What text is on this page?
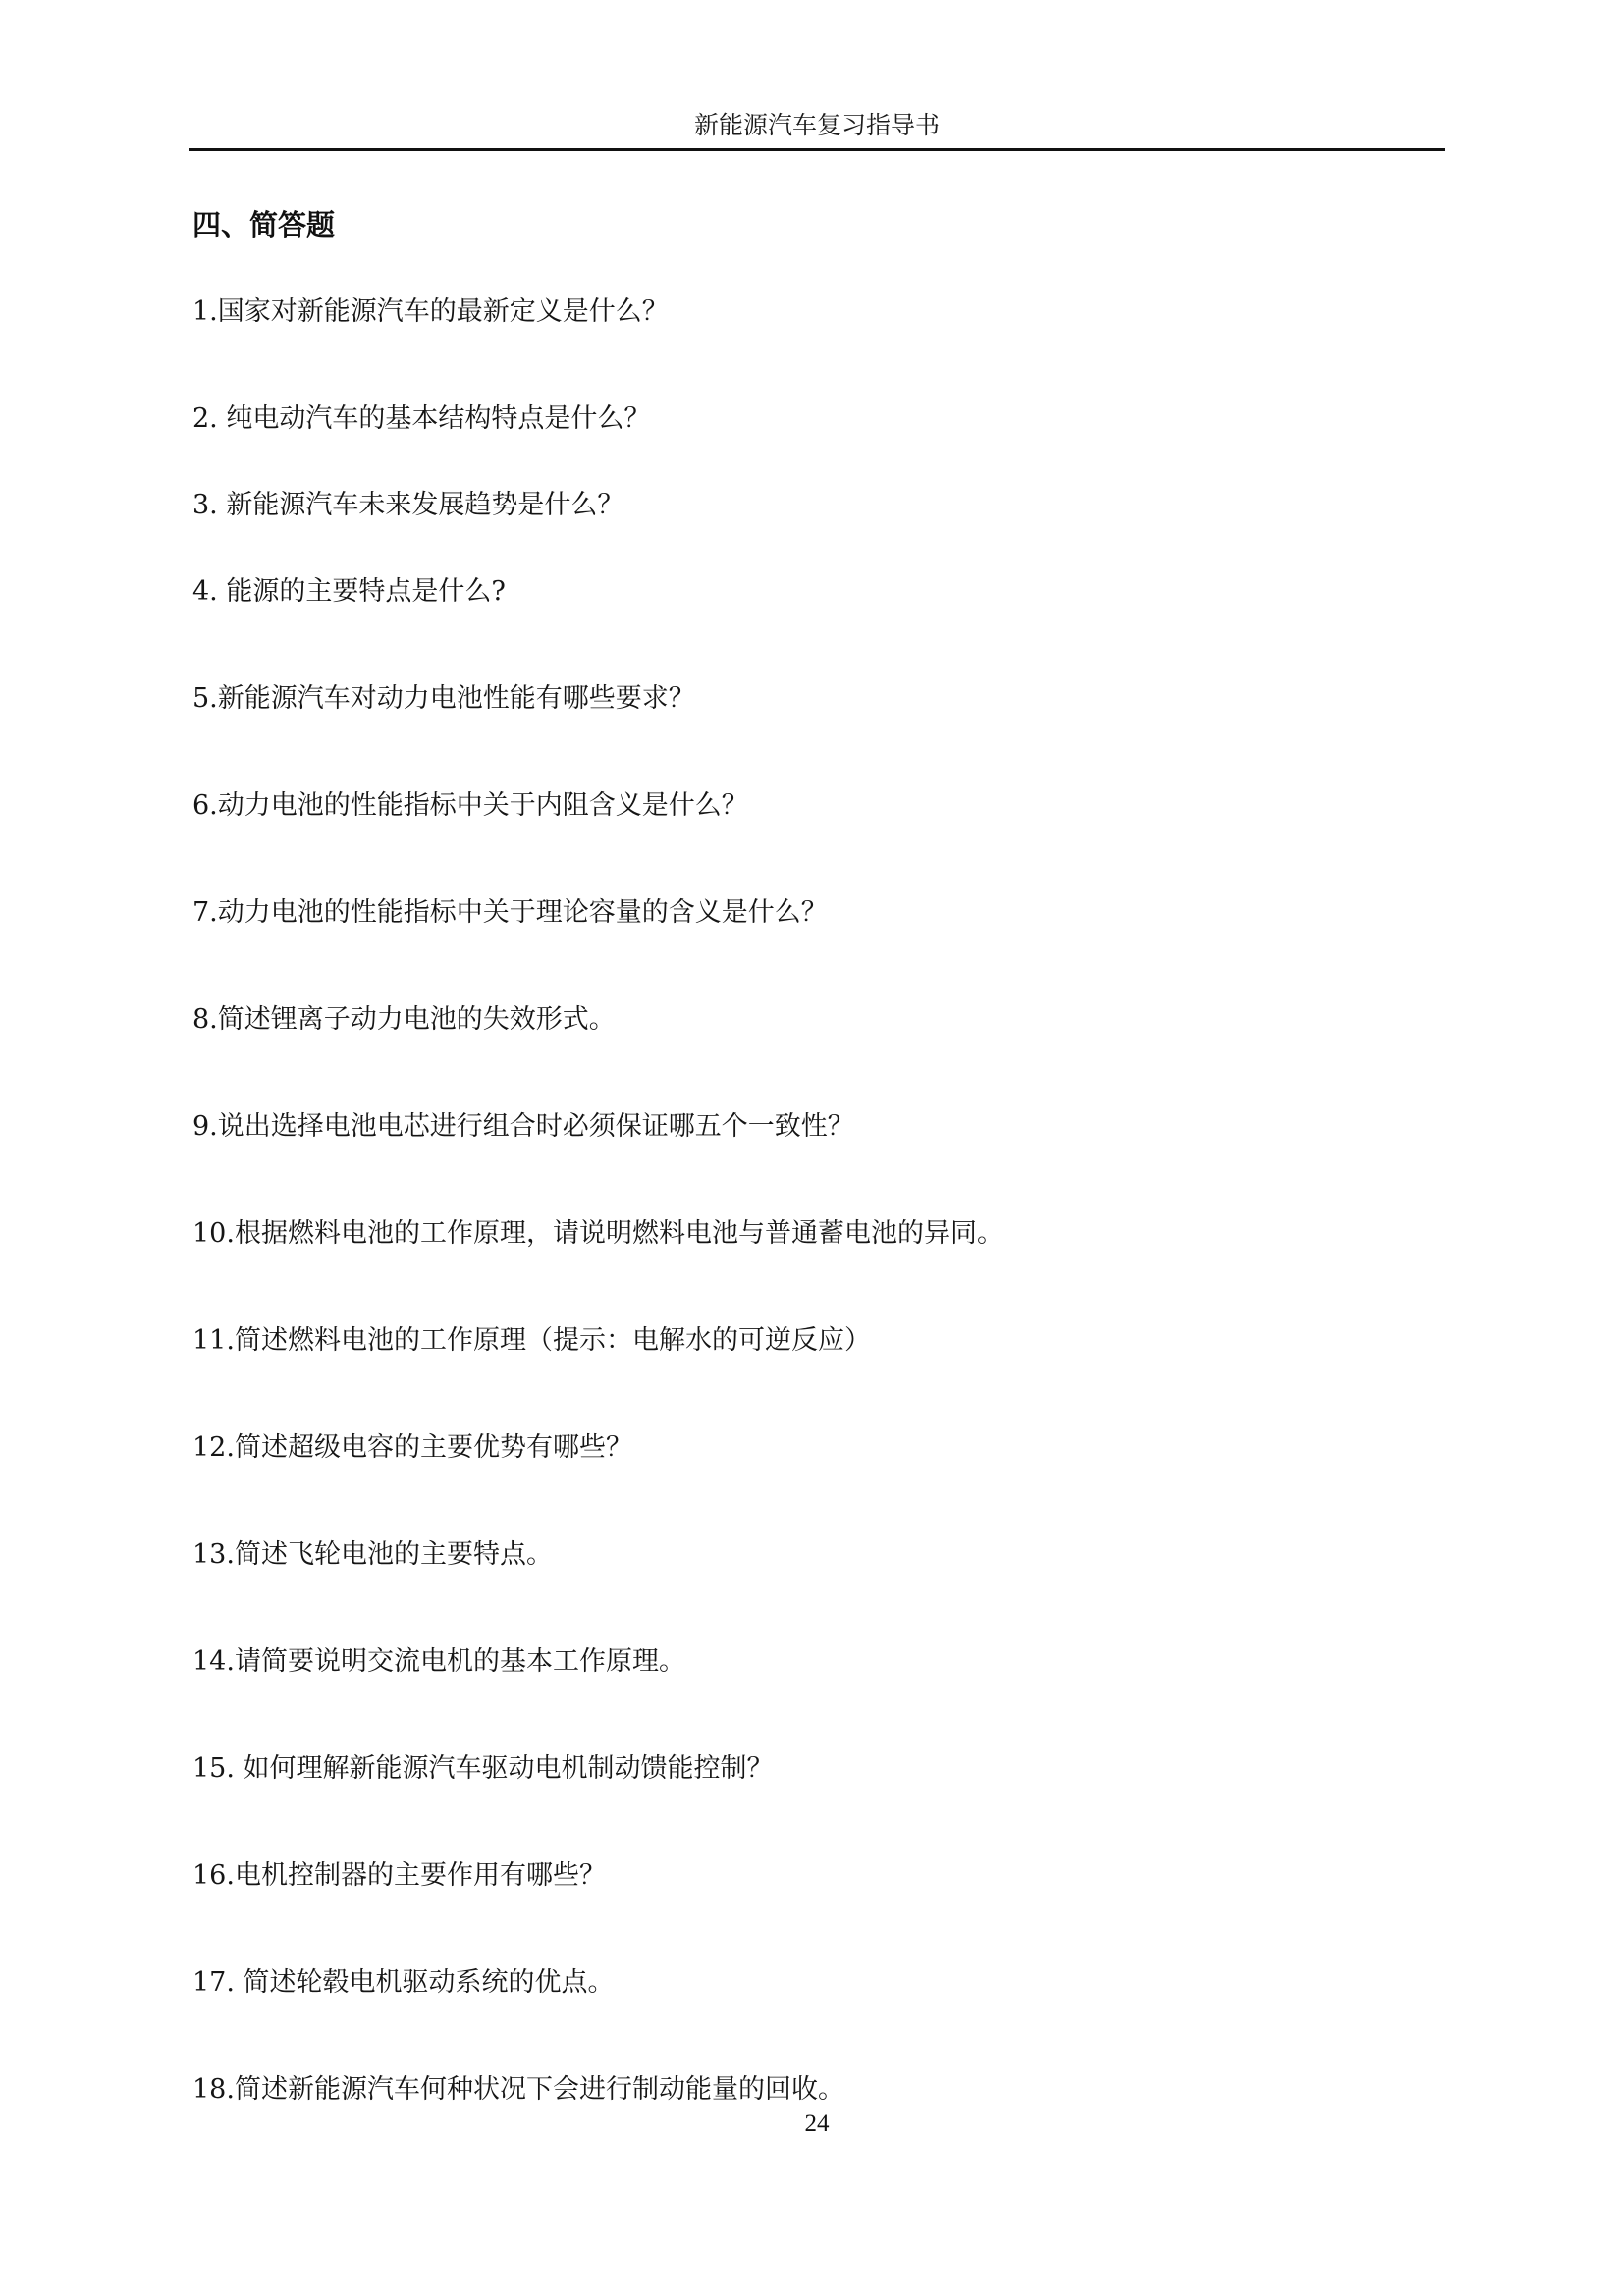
新能源汽车复习指导书
四、简答题
1.国家对新能源汽车的最新定义是什么？
2. 纯电动汽车的基本结构特点是什么？
3. 新能源汽车未来发展趋势是什么？
4. 能源的主要特点是什么?
5.新能源汽车对动力电池性能有哪些要求？
6.动力电池的性能指标中关于内阻含义是什么？
7.动力电池的性能指标中关于理论容量的含义是什么？
8.简述锂离子动力电池的失效形式。
9.说出选择电池电芯进行组合时必须保证哪五个一致性？
10.根据燃料电池的工作原理，请说明燃料电池与普通蓄电池的异同。
11.简述燃料电池的工作原理（提示：电解水的可逆反应）
12.简述超级电容的主要优势有哪些？
13.简述飞轮电池的主要特点。
14.请简要说明交流电机的基本工作原理。
15. 如何理解新能源汽车驱动电机制动馈能控制？
16.电机控制器的主要作用有哪些？
17. 简述轮毂电机驱动系统的优点。
18.简述新能源汽车何种状况下会进行制动能量的回收。
24
